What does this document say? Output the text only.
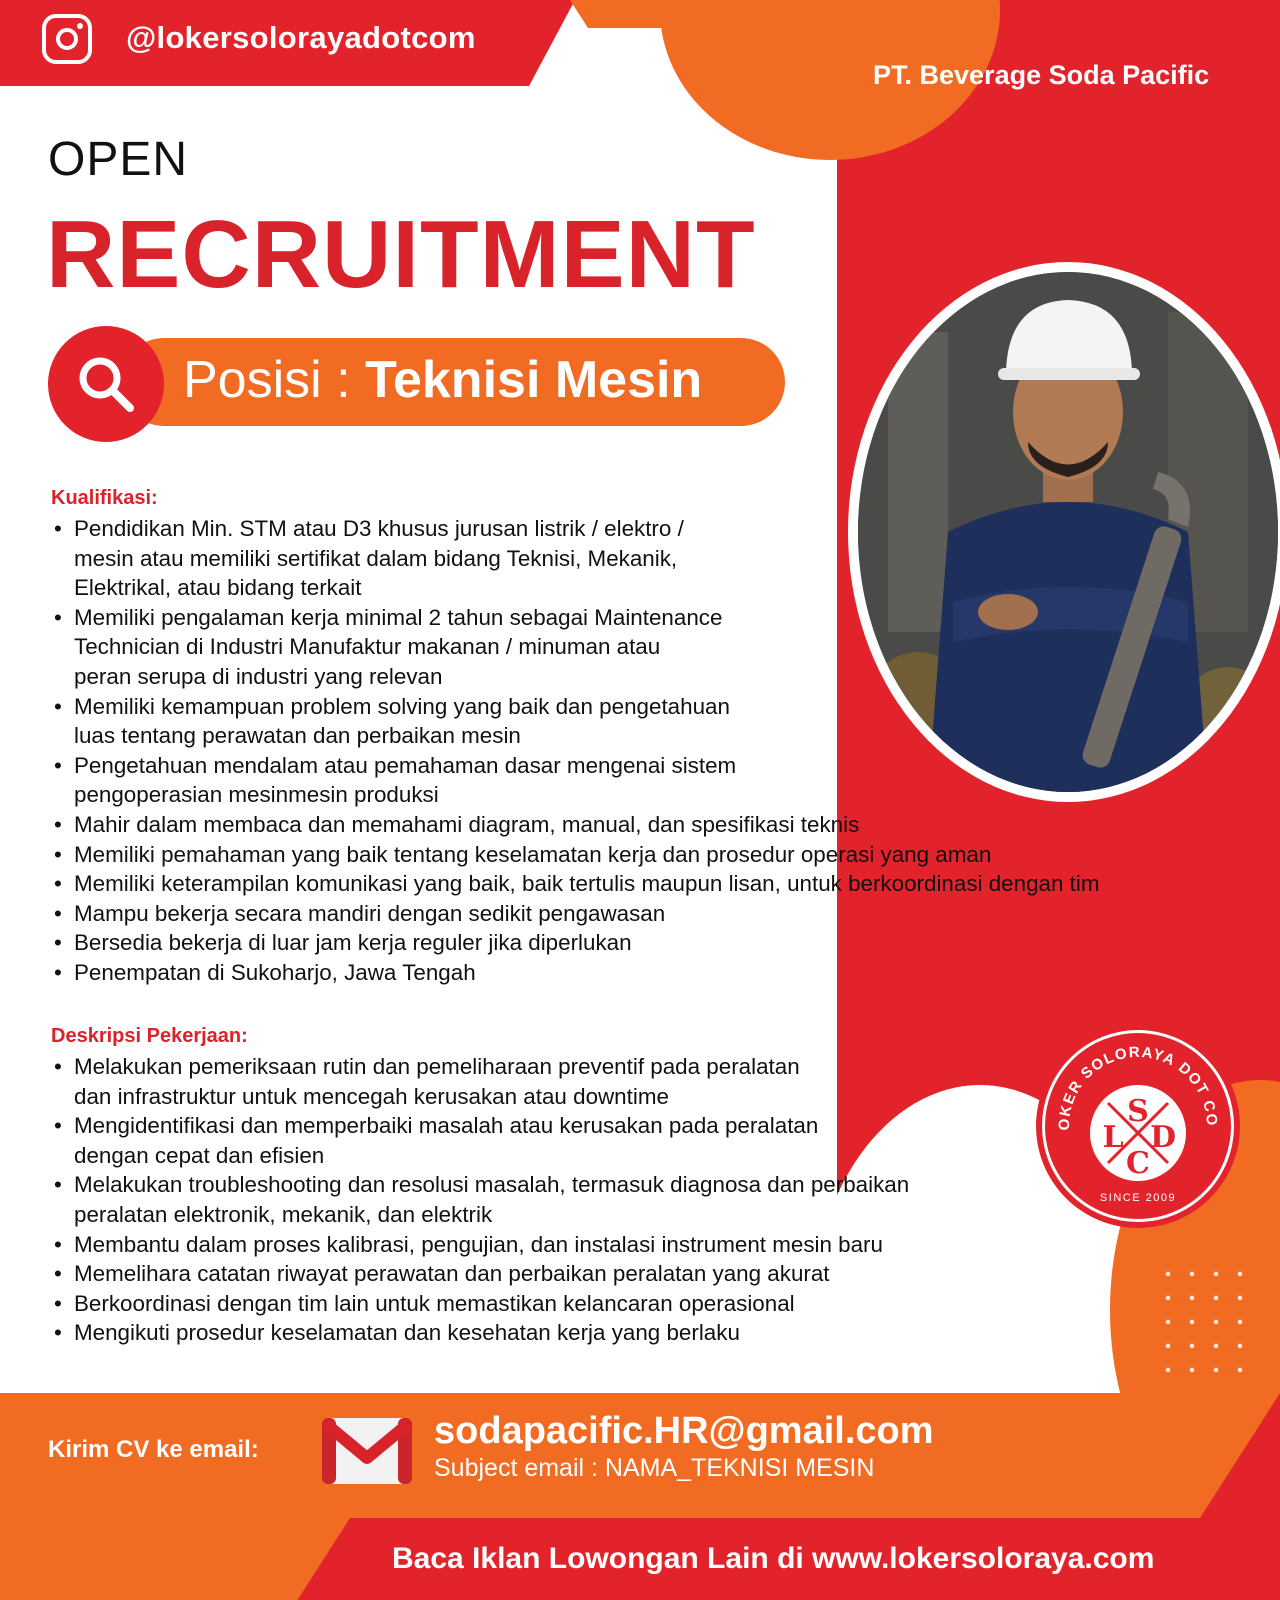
@lokersolorayadotcom
PT. Beverage Soda Pacific
OPEN
RECRUITMENT
Posisi : Teknisi Mesin
Kualifikasi:
• Pendidikan Min. STM atau D3 khusus jurusan listrik / elektro /
mesin atau memiliki sertifikat dalam bidang Teknisi, Mekanik,
Elektrikal, atau bidang terkait
• Memiliki pengalaman kerja minimal 2 tahun sebagai Maintenance
Technician di Industri Manufaktur makanan / minuman atau
peran serupa di industri yang relevan
• Memiliki kemampuan problem solving yang baik dan pengetahuan
luas tentang perawatan dan perbaikan mesin
• Pengetahuan mendalam atau pemahaman dasar mengenai sistem
pengoperasian mesinmesin produksi
• Mahir dalam membaca dan memahami diagram, manual, dan spesifikasi teknis
• Memiliki pemahaman yang baik tentang keselamatan kerja dan prosedur operasi yang aman
• Memiliki keterampilan komunikasi yang baik, baik tertulis maupun lisan, untuk berkoordinasi dengan tim
• Mampu bekerja secara mandiri dengan sedikit pengawasan
• Bersedia bekerja di luar jam kerja reguler jika diperlukan
• Penempatan di Sukoharjo, Jawa Tengah
Deskripsi Pekerjaan:
• Melakukan pemeriksaan rutin dan pemeliharaan preventif pada peralatan
dan infrastruktur untuk mencegah kerusakan atau downtime
• Mengidentifikasi dan memperbaiki masalah atau kerusakan pada peralatan
dengan cepat dan efisien
• Melakukan troubleshooting dan resolusi masalah, termasuk diagnosa dan perbaikan
peralatan elektronik, mekanik, dan elektrik
• Membantu dalam proses kalibrasi, pengujian, dan instalasi instrument mesin baru
• Memelihara catatan riwayat perawatan dan perbaikan peralatan yang akurat
• Berkoordinasi dengan tim lain untuk memastikan kelancaran operasional
• Mengikuti prosedur keselamatan dan kesehatan kerja yang berlaku
OKER SOLORAYA DOT CO
S
L D
C
SINCE 2009
Kirim CV ke email:	sodapacific.HR@gmail.com
Subject email : NAMA_TEKNISI MESIN
Baca Iklan Lowongan Lain di www.lokersoloraya.com
